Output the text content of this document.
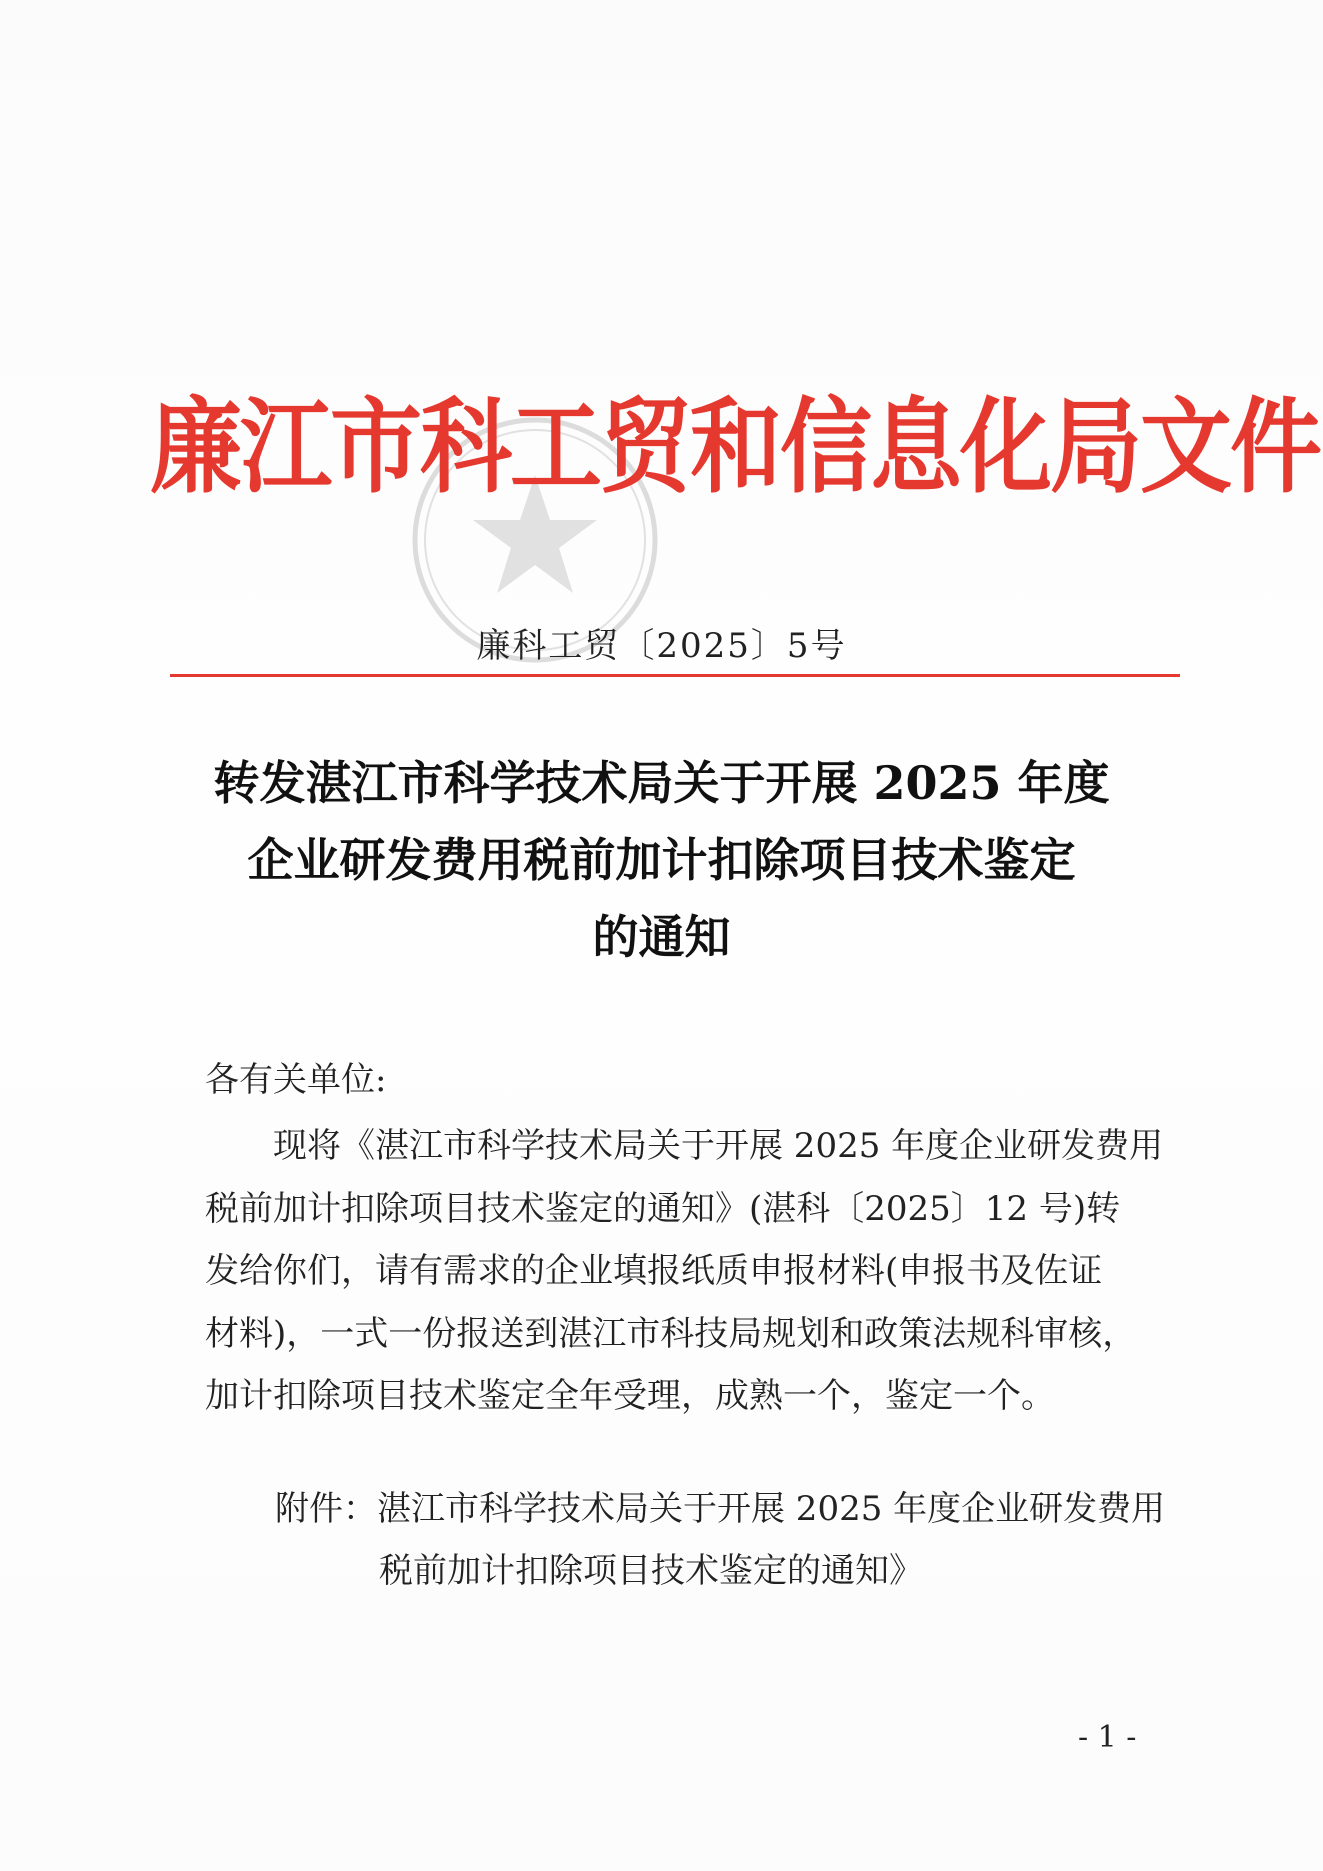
廉江市科工贸和信息化局文件
廉科工贸〔2025〕5号
转发湛江市科学技术局关于开展 2025 年度
企业研发费用税前加计扣除项目技术鉴定
的通知
各有关单位:
现将《湛江市科学技术局关于开展 2025 年度企业研发费用
税前加计扣除项目技术鉴定的通知》(湛科〔2025〕12 号)转
发给你们，请有需求的企业填报纸质申报材料(申报书及佐证
材料)，一式一份报送到湛江市科技局规划和政策法规科审核，
加计扣除项目技术鉴定全年受理，成熟一个，鉴定一个。
附件：湛江市科学技术局关于开展 2025 年度企业研发费用
税前加计扣除项目技术鉴定的通知》
- 1 -
